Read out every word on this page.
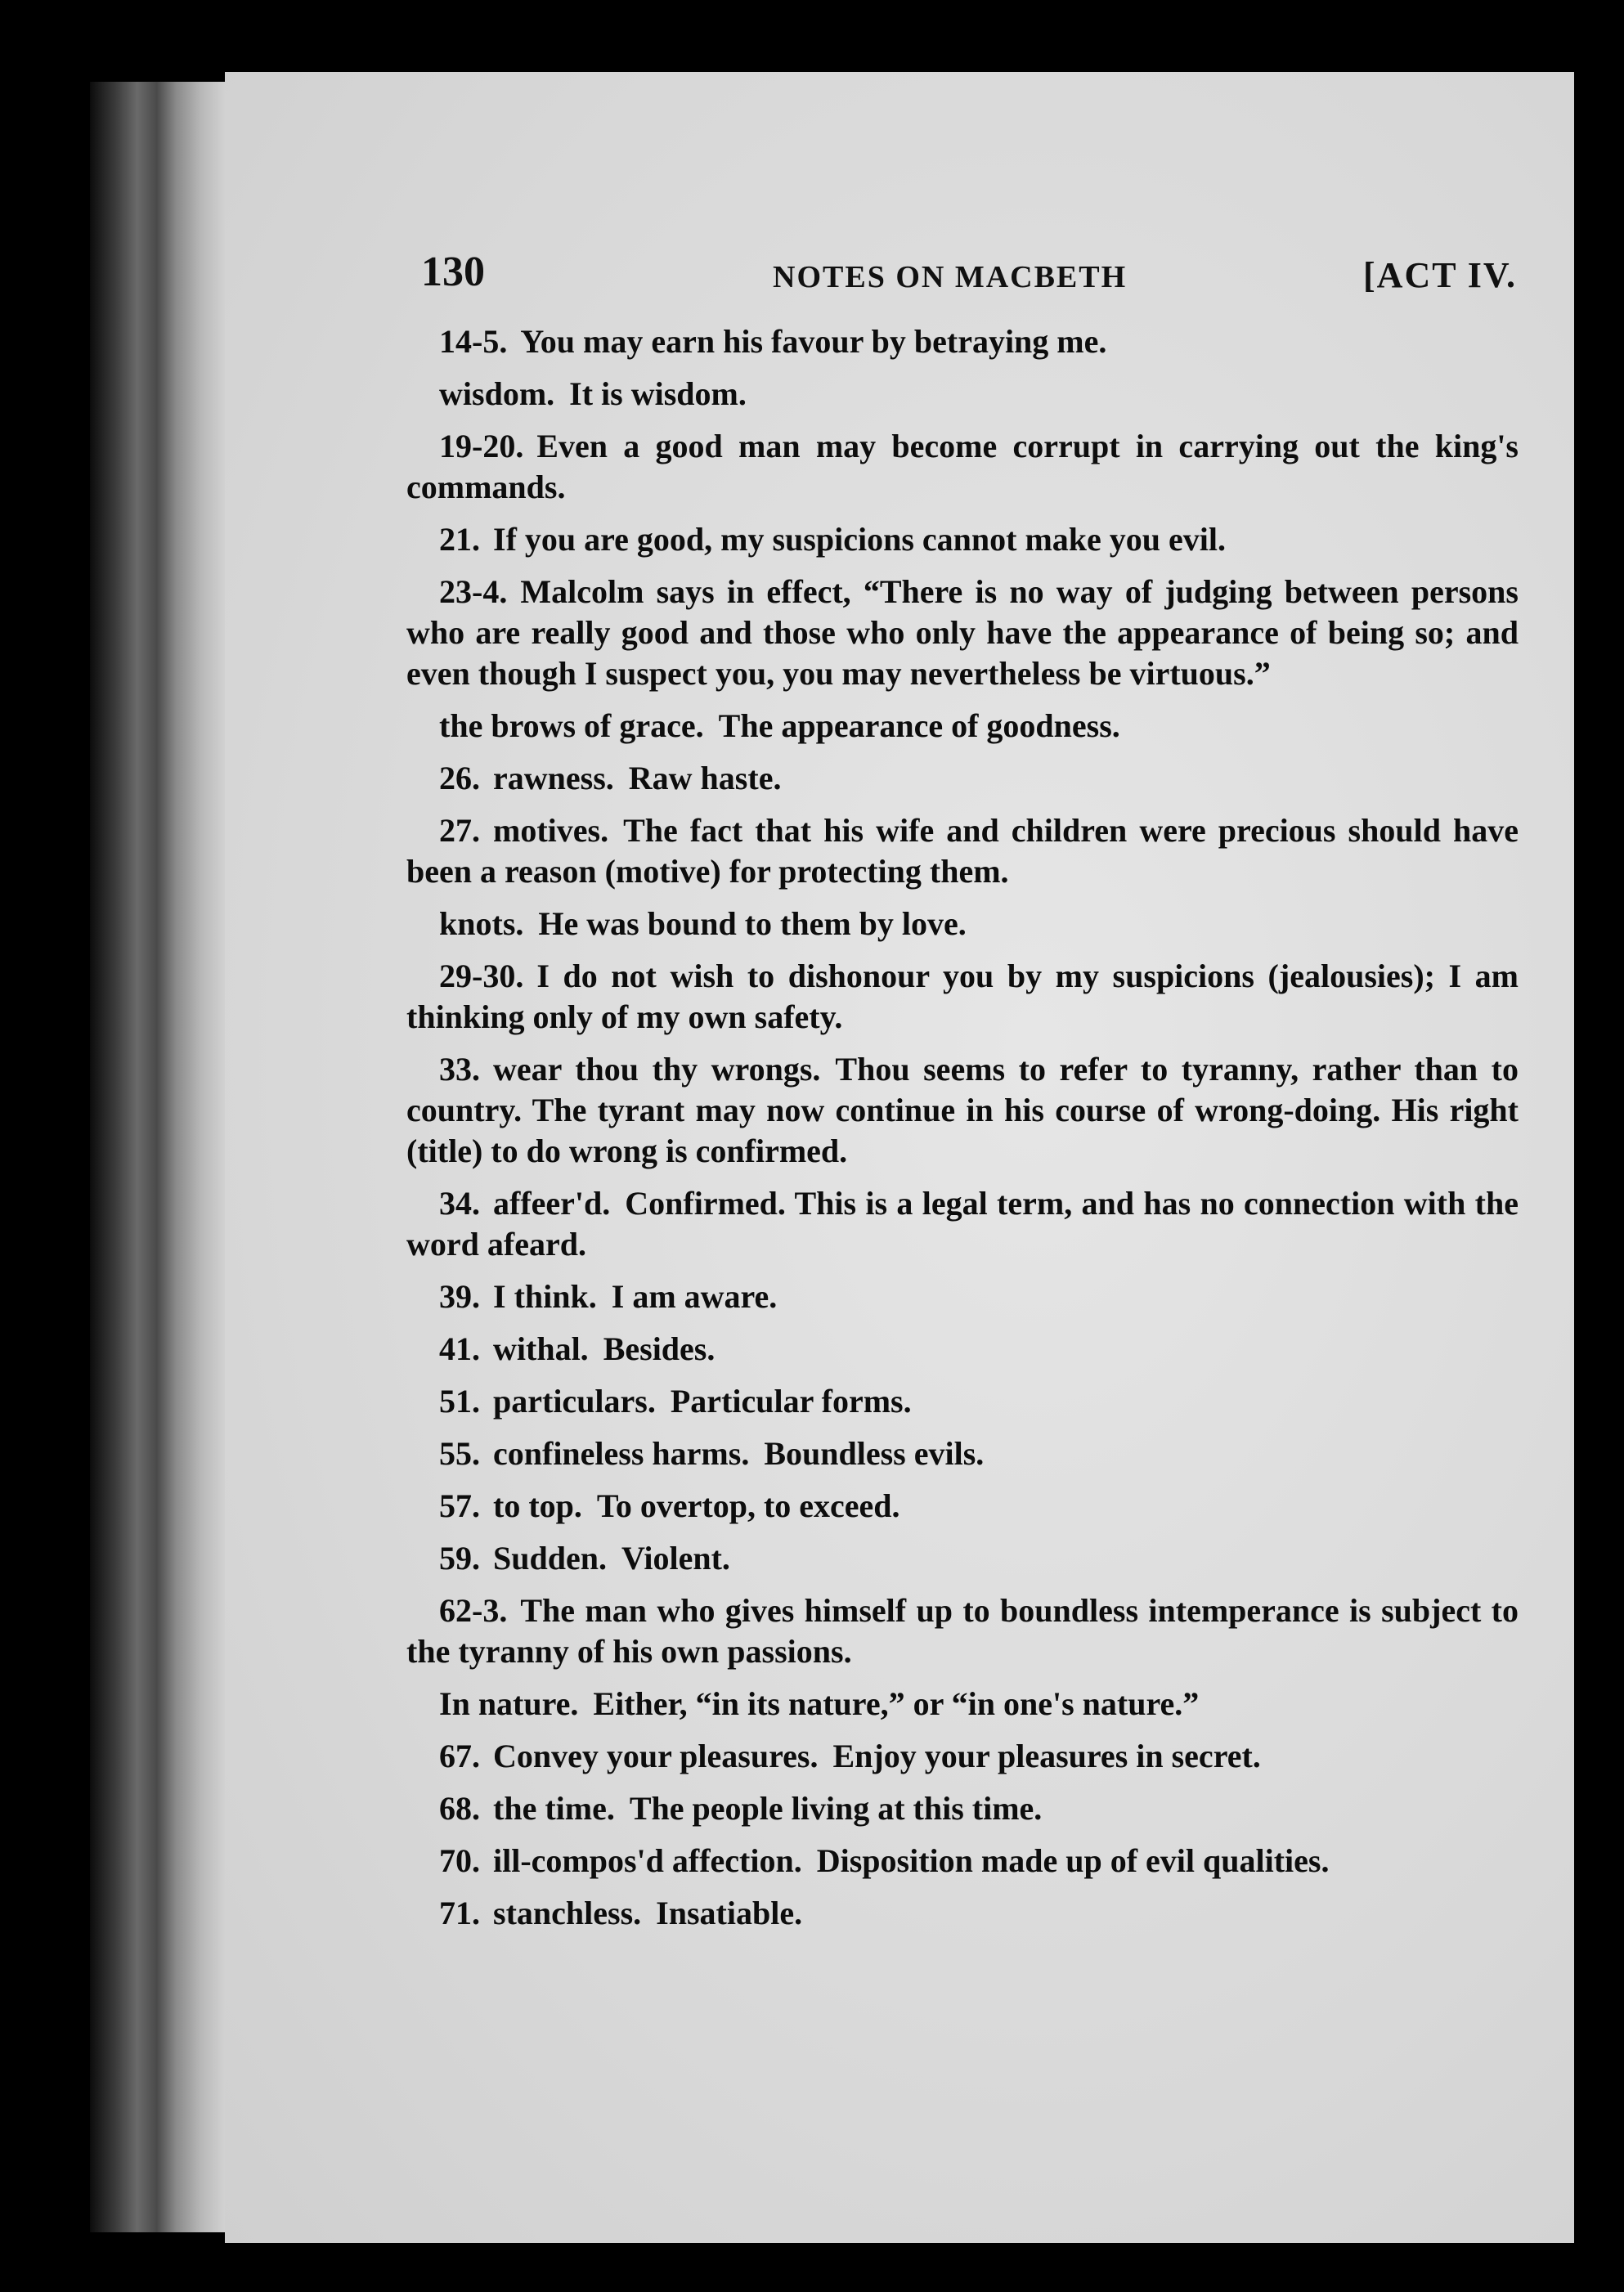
130	NOTES ON MACBETH	[ACT IV.

14-5. You may earn his favour by betraying me.

wisdom. It is wisdom.

19-20. Even a good man may become corrupt in carrying out the king's commands.

21. If you are good, my suspicions cannot make you evil.

23-4. Malcolm says in effect, “There is no way of judging between persons who are really good and those who only have the appearance of being so; and even though I suspect you, you may nevertheless be virtuous.”

the brows of grace. The appearance of goodness.

26. rawness. Raw haste.

27. motives. The fact that his wife and children were precious should have been a reason (motive) for protecting them.

knots. He was bound to them by love.

29-30. I do not wish to dishonour you by my suspicions (jealousies); I am thinking only of my own safety.

33. wear thou thy wrongs. Thou seems to refer to tyranny, rather than to country. The tyrant may now continue in his course of wrong-doing. His right (title) to do wrong is confirmed.

34. affeer'd. Confirmed. This is a legal term, and has no connection with the word afeard.

39. I think. I am aware.

41. withal. Besides.

51. particulars. Particular forms.

55. confineless harms. Boundless evils.

57. to top. To overtop, to exceed.

59. Sudden. Violent.

62-3. The man who gives himself up to boundless intemperance is subject to the tyranny of his own passions.

In nature. Either, “in its nature,” or “in one's nature.”

67. Convey your pleasures. Enjoy your pleasures in secret.

68. the time. The people living at this time.

70. ill-compos'd affection. Disposition made up of evil qualities.

71. stanchless. Insatiable.
